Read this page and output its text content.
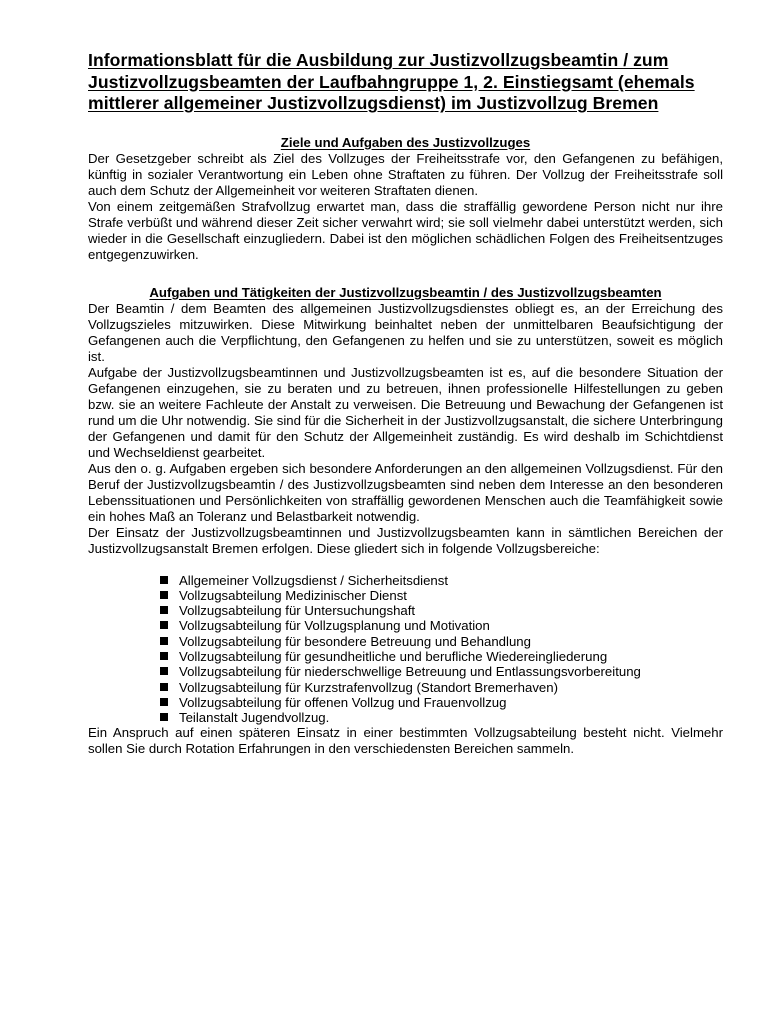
Informationsblatt für die Ausbildung zur Justizvollzugsbeamtin / zum Justizvollzugsbeamten der Laufbahngruppe 1, 2. Einstiegsamt (ehemals mittlerer allgemeiner Justizvollzugsdienst) im Justizvollzug Bremen
Ziele und Aufgaben des Justizvollzuges

Der Gesetzgeber schreibt als Ziel des Vollzuges der Freiheitsstrafe vor, den Gefangenen zu befähigen, künftig in sozialer Verantwortung ein Leben ohne Straftaten zu führen. Der Vollzug der Freiheitsstrafe soll auch dem Schutz der Allgemeinheit vor weiteren Straftaten dienen.

Von einem zeitgemäßen Strafvollzug erwartet man, dass die straffällig gewordene Person nicht nur ihre Strafe verbüßt und während dieser Zeit sicher verwahrt wird; sie soll vielmehr dabei unterstützt werden, sich wieder in die Gesellschaft einzugliedern. Dabei ist den möglichen schädlichen Folgen des Freiheitsentzuges entgegenzuwirken.

Aufgaben und Tätigkeiten der Justizvollzugsbeamtin / des Justizvollzugsbeamten

Der Beamtin / dem Beamten des allgemeinen Justizvollzugsdienstes obliegt es, an der Erreichung des Vollzugszieles mitzuwirken. Diese Mitwirkung beinhaltet neben der unmittelbaren Beaufsichtigung der Gefangenen auch die Verpflichtung, den Gefangenen zu helfen und sie zu unterstützen, soweit es möglich ist.

Aufgabe der Justizvollzugsbeamtinnen und Justizvollzugsbeamten ist es, auf die besondere Situation der Gefangenen einzugehen, sie zu beraten und zu betreuen, ihnen professionelle Hilfestellungen zu geben bzw. sie an weitere Fachleute der Anstalt zu verweisen. Die Betreuung und Bewachung der Gefangenen ist rund um die Uhr notwendig. Sie sind für die Sicherheit in der Justizvollzugsanstalt, die sichere Unterbringung der Gefangenen und damit für den Schutz der Allgemeinheit zuständig. Es wird deshalb im Schichtdienst und Wechseldienst gearbeitet.

Aus den o. g. Aufgaben ergeben sich besondere Anforderungen an den allgemeinen Vollzugsdienst. Für den Beruf der Justizvollzugsbeamtin / des Justizvollzugsbeamten sind neben dem Interesse an den besonderen Lebenssituationen und Persönlichkeiten von straffällig gewordenen Menschen auch die Teamfähigkeit sowie ein hohes Maß an Toleranz und Belastbarkeit notwendig.

Der Einsatz der Justizvollzugsbeamtinnen und Justizvollzugsbeamten kann in sämtlichen Bereichen der Justizvollzugsanstalt Bremen erfolgen. Diese gliedert sich in folgende Vollzugsbereiche:

Allgemeiner Vollzugsdienst / Sicherheitsdienst
Vollzugsabteilung Medizinischer Dienst
Vollzugsabteilung für Untersuchungshaft
Vollzugsabteilung für Vollzugsplanung und Motivation
Vollzugsabteilung für besondere Betreuung und Behandlung
Vollzugsabteilung für gesundheitliche und berufliche Wiedereingliederung
Vollzugsabteilung für niederschwellige Betreuung und Entlassungsvorbereitung
Vollzugsabteilung für Kurzstrafenvollzug (Standort Bremerhaven)
Vollzugsabteilung für offenen Vollzug und Frauenvollzug
Teilanstalt Jugendvollzug.

Ein Anspruch auf einen späteren Einsatz in einer bestimmten Vollzugsabteilung besteht nicht. Vielmehr sollen Sie durch Rotation Erfahrungen in den verschiedensten Bereichen sammeln.
